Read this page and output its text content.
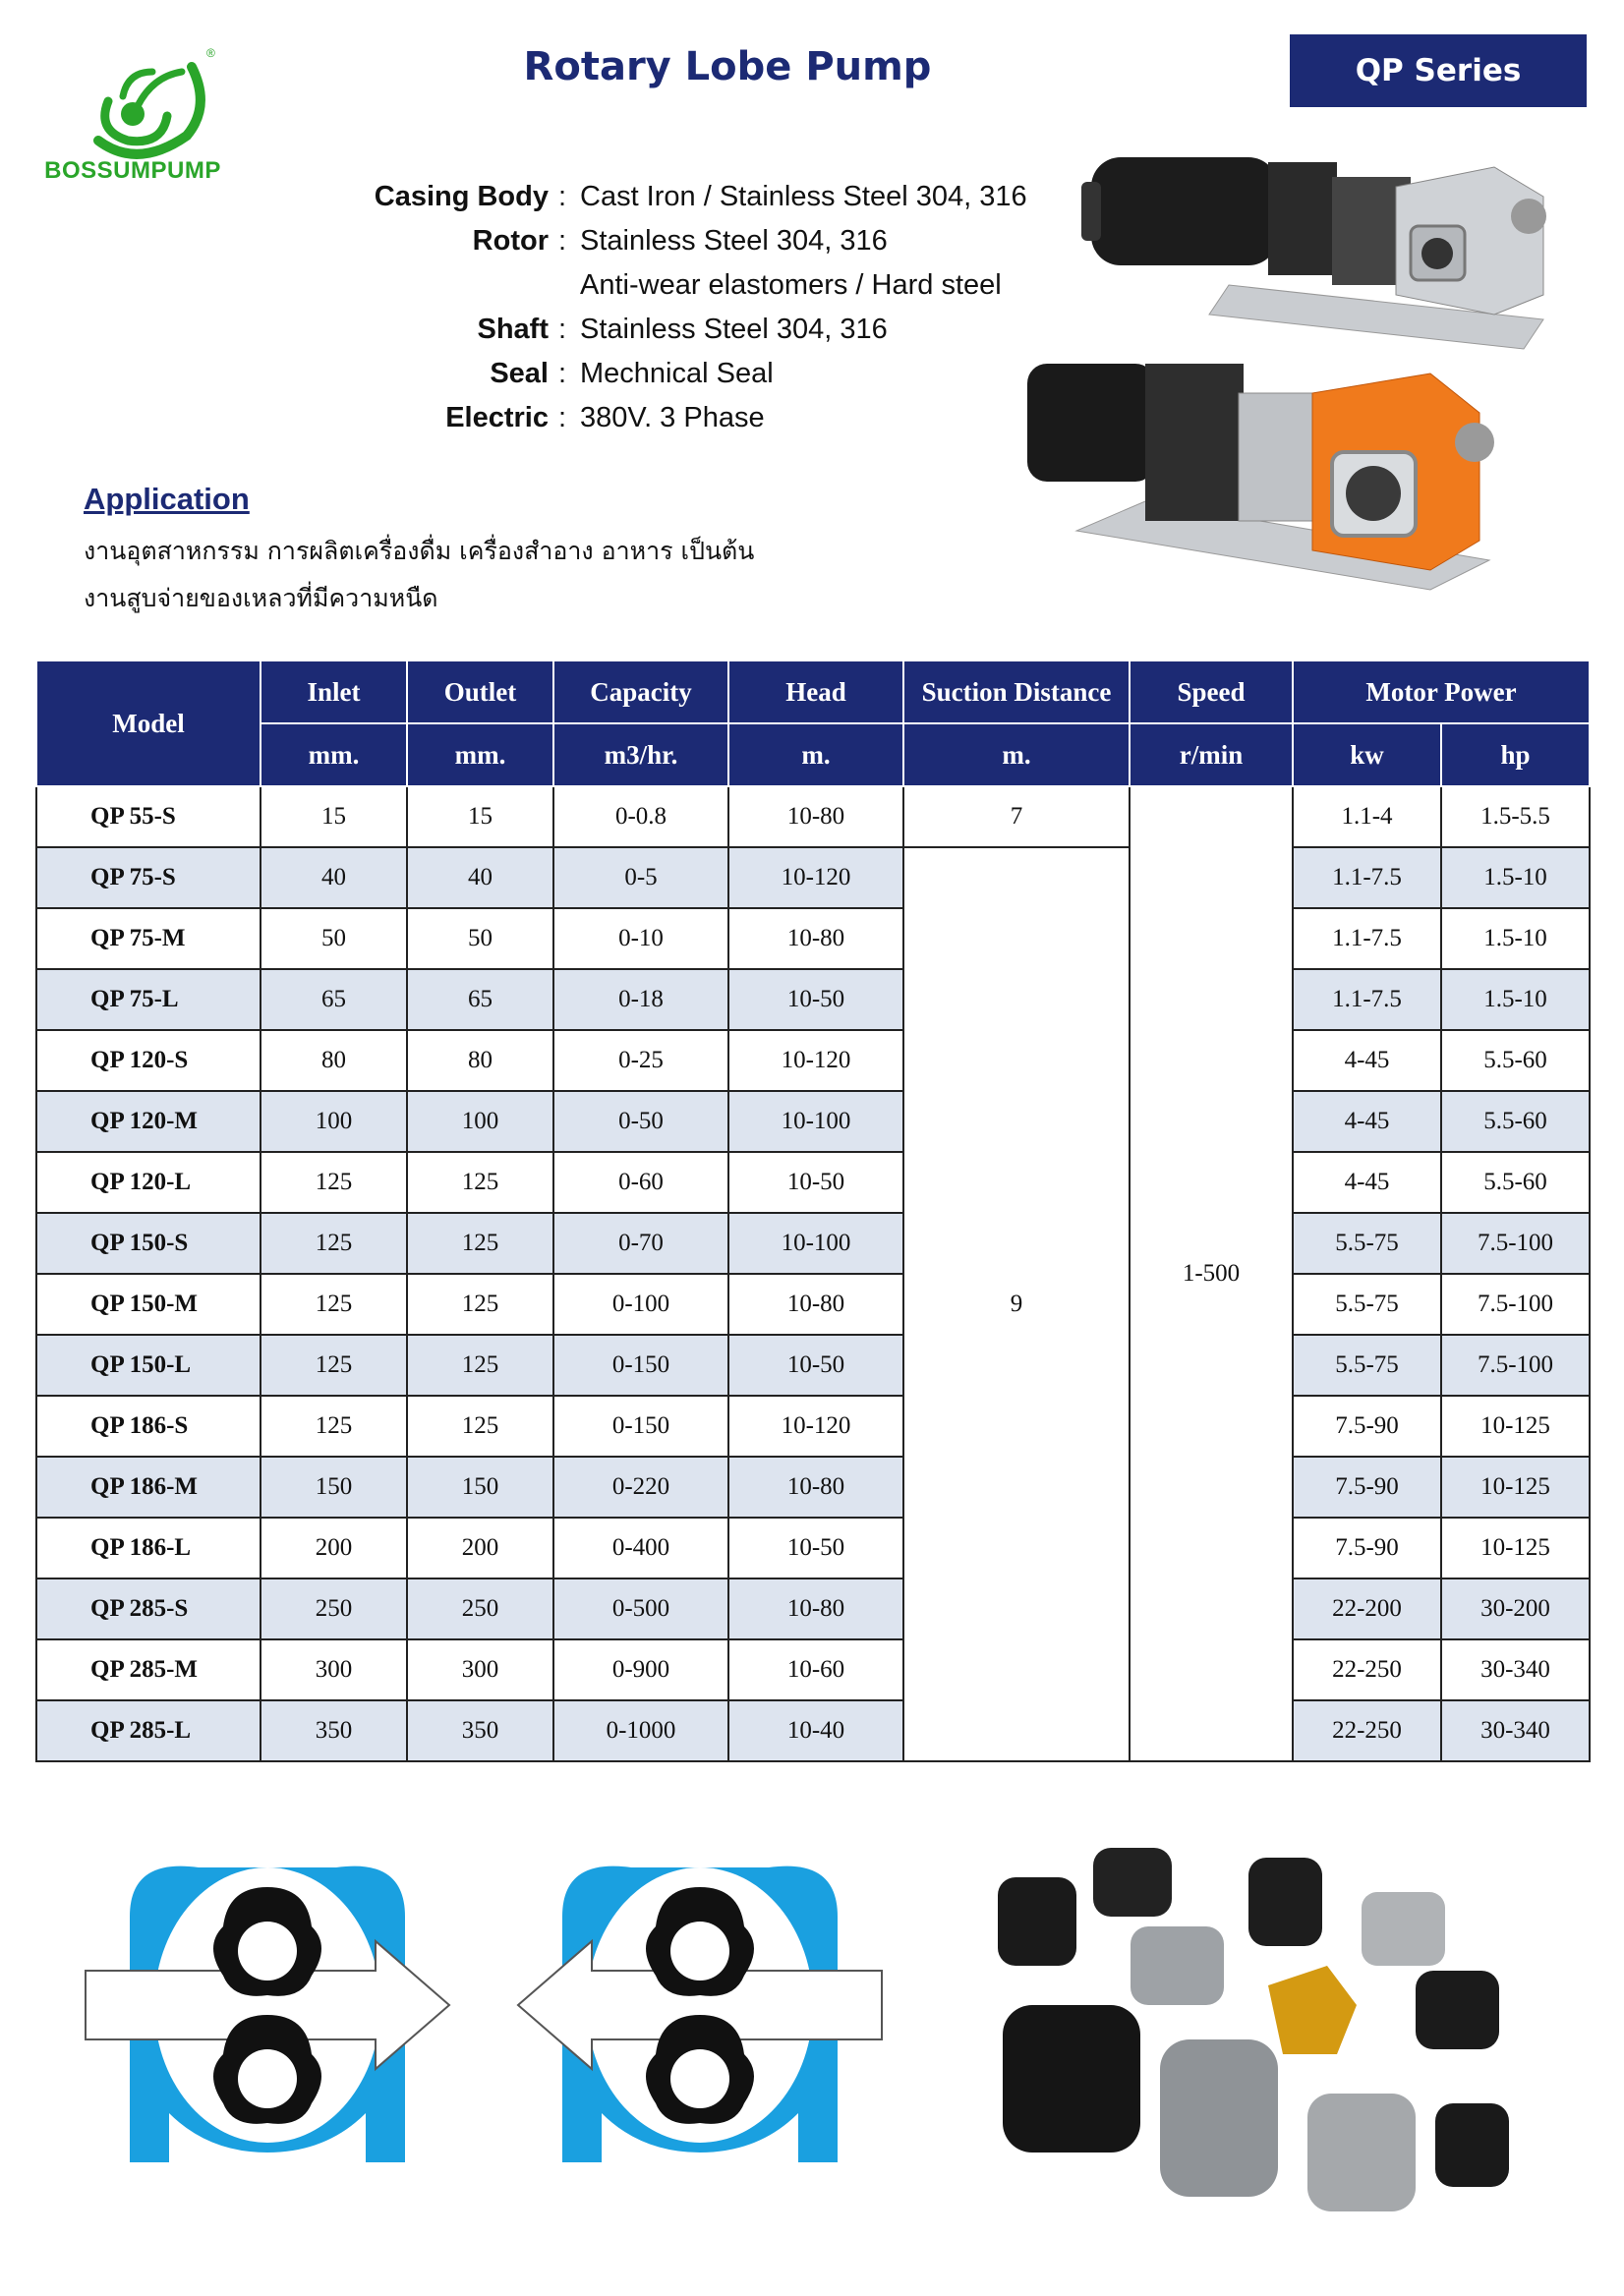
®
BOSSUMPUMP
Rotary Lobe Pump	QP Series
Casing Body : Cast Iron / Stainless Steel 304, 316
Rotor : Stainless Steel 304, 316
Anti-wear elastomers / Hard steel
Shaft : Stainless Steel 304, 316
Seal : Mechnical Seal
Electric : 380V. 3 Phase
Application
งานอุตสาหกรรม การผลิตเครื่องดื่ม เครื่องสำอาง อาหาร เป็นต้น
งานสูบจ่ายของเหลวที่มีความหนืด
Model	Inlet	Outlet	Capacity	Head	Suction Distance	Speed	Motor Power	
	mm.	mm.	m3/hr.	m.	m.	r/min	kw	hp
QP 55-S	15	15	0-0.8	10-80	7	1-500	1.1-4	1.5-5.5
QP 75-S	40	40	0-5	10-120	9		1.1-7.5	1.5-10
QP 75-M	50	50	0-10	10-80			1.1-7.5	1.5-10
QP 75-L	65	65	0-18	10-50			1.1-7.5	1.5-10
QP 120-S	80	80	0-25	10-120			4-45	5.5-60
QP 120-M	100	100	0-50	10-100			4-45	5.5-60
QP 120-L	125	125	0-60	10-50			4-45	5.5-60
QP 150-S	125	125	0-70	10-100			5.5-75	7.5-100
QP 150-M	125	125	0-100	10-80			5.5-75	7.5-100
QP 150-L	125	125	0-150	10-50			5.5-75	7.5-100
QP 186-S	125	125	0-150	10-120			7.5-90	10-125
QP 186-M	150	150	0-220	10-80			7.5-90	10-125
QP 186-L	200	200	0-400	10-50			7.5-90	10-125
QP 285-S	250	250	0-500	10-80			22-200	30-200
QP 285-M	300	300	0-900	10-60			22-250	30-340
QP 285-L	350	350	0-1000	10-40			22-250	30-340
